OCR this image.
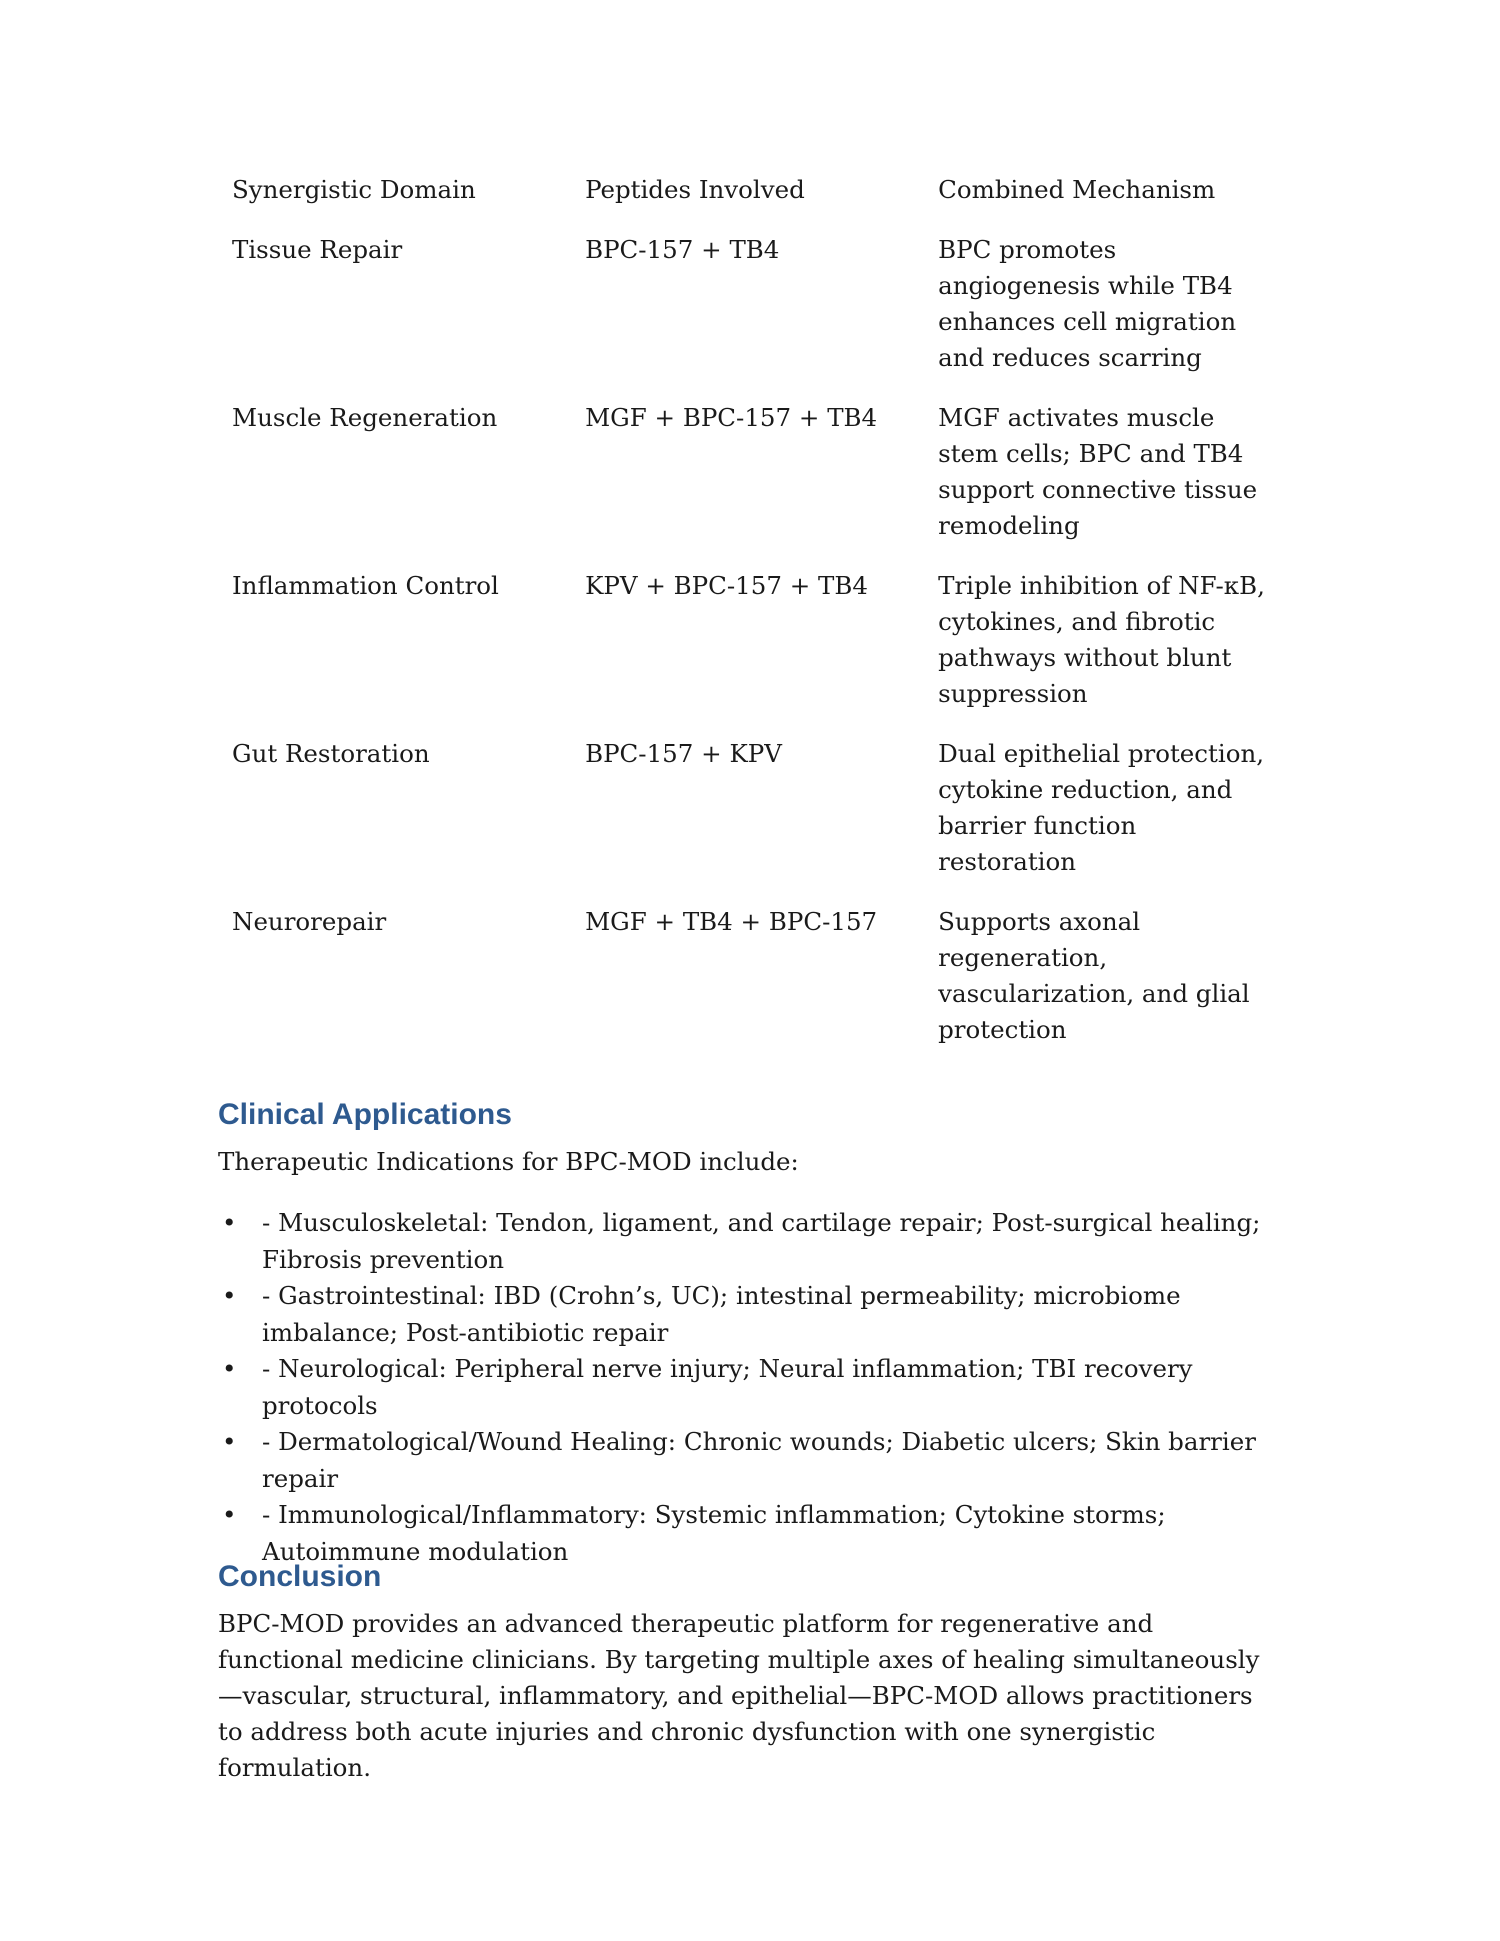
Synergistic Domain	Peptides Involved	Combined Mechanism
Tissue Repair	BPC-157 + TB4	BPC promotes angiogenesis while TB4 enhances cell migration and reduces scarring
Muscle Regeneration	MGF + BPC-157 + TB4	MGF activates muscle stem cells; BPC and TB4 support connective tissue remodeling
Inflammation Control	KPV + BPC-157 + TB4	Triple inhibition of NF-κB, cytokines, and fibrotic pathways without blunt suppression
Gut Restoration	BPC-157 + KPV	Dual epithelial protection, cytokine reduction, and barrier function restoration
Neurorepair	MGF + TB4 + BPC-157	Supports axonal regeneration, vascularization, and glial protection
Clinical Applications

Therapeutic Indications for BPC-MOD include:

• - Musculoskeletal: Tendon, ligament, and cartilage repair; Post-surgical healing; Fibrosis prevention
• - Gastrointestinal: IBD (Crohn’s, UC); intestinal permeability; microbiome imbalance; Post-antibiotic repair
• - Neurological: Peripheral nerve injury; Neural inflammation; TBI recovery protocols
• - Dermatological/Wound Healing: Chronic wounds; Diabetic ulcers; Skin barrier repair
• - Immunological/Inflammatory: Systemic inflammation; Cytokine storms; Autoimmune modulation
Conclusion

BPC-MOD provides an advanced therapeutic platform for regenerative and functional medicine clinicians. By targeting multiple axes of healing simultaneously—vascular, structural, inflammatory, and epithelial—BPC-MOD allows practitioners to address both acute injuries and chronic dysfunction with one synergistic formulation.
